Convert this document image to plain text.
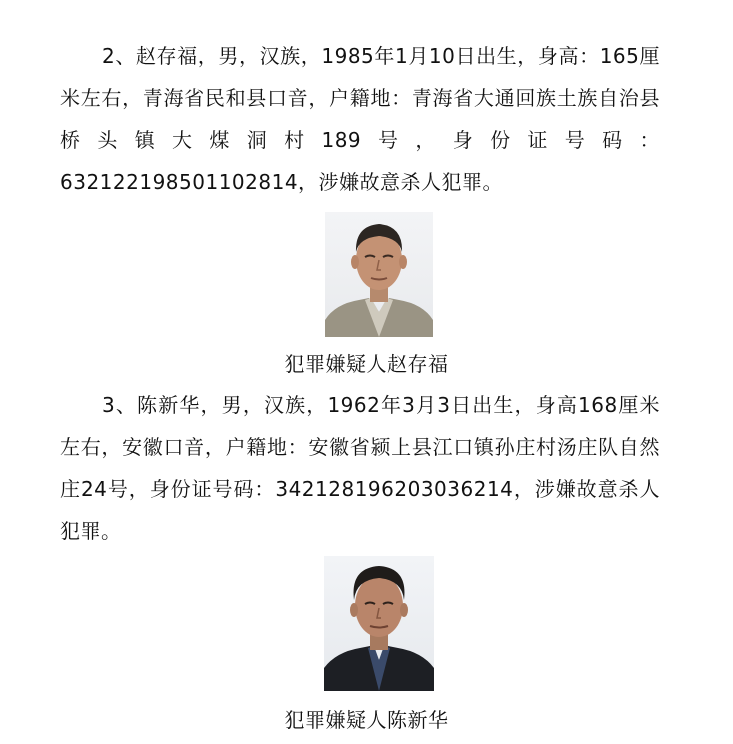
2、赵存福，男，汉族，1985年1月10日出生，身高：165厘米左右，青海省民和县口音，户籍地：青海省大通回族土族自治县桥头镇大煤洞村189号，身份证号码：632122198501102814，涉嫌故意杀人犯罪。

犯罪嫌疑人赵存福

3、陈新华，男，汉族，1962年3月3日出生，身高168厘米左右，安徽口音，户籍地：安徽省颍上县江口镇孙庄村汤庄队自然庄24号，身份证号码：342128196203036214，涉嫌故意杀人犯罪。

犯罪嫌疑人陈新华
